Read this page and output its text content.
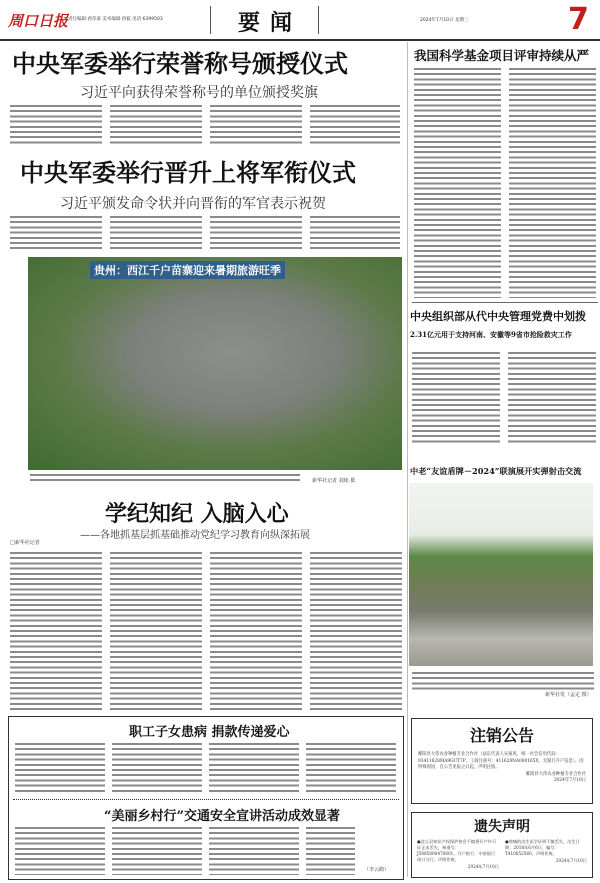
周口日报 责任编辑·酉草嘉 美术编辑·酉筱 电话·6399503	要闻	2024年7月10日 星期三	7
中央军委举行荣誉称号颁授仪式
习近平向获得荣誉称号的单位颁授奖旗
中央军委举行晋升上将军衔仪式
习近平颁发命令状并向晋衔的军官表示祝贺
贵州：西江千户苗寨迎来暑期旅游旺季
新华社记者 刘续 摄
学纪知纪 入脑入心
——各地抓基层抓基础推动党纪学习教育向纵深拓展
□新华社记者
职工子女患病 捐款传递爱心
“美丽乡村行”交通安全宣讲活动成效显著
（李云鹤）
我国科学基金项目评审持续从严
中央组织部从代中央管理党费中划拨
2.31亿元用于支持河南、安徽等9省市抢险救灾工作
中老“友谊盾牌－2024”联演展开实弹射击交流
新华社发（孟定 摄）
注销公告
睢阳县大伟农业种植专业合作社（法定代表人宋豪风，统一社会信用代码：93411628MA9GUT7P，工商注册号：411628NA000165X，无银行开户信息），因特殊原因，自公告见报之日起，声明注销。
睢阳县大伟农业种植专业合作社
2024年7月10日
遗失声明
●沈丘县知识产权保护协会不慎将开户许可证正本丢失，核准号：J5085000470601，开户银行：中原银行周口分行，声明作废。
2024年7月10日
●徐楠的出生医学证明不慎丢失，出生日期：2018年6月6日，编号：T410052560，声明作废。
2024年7月10日
